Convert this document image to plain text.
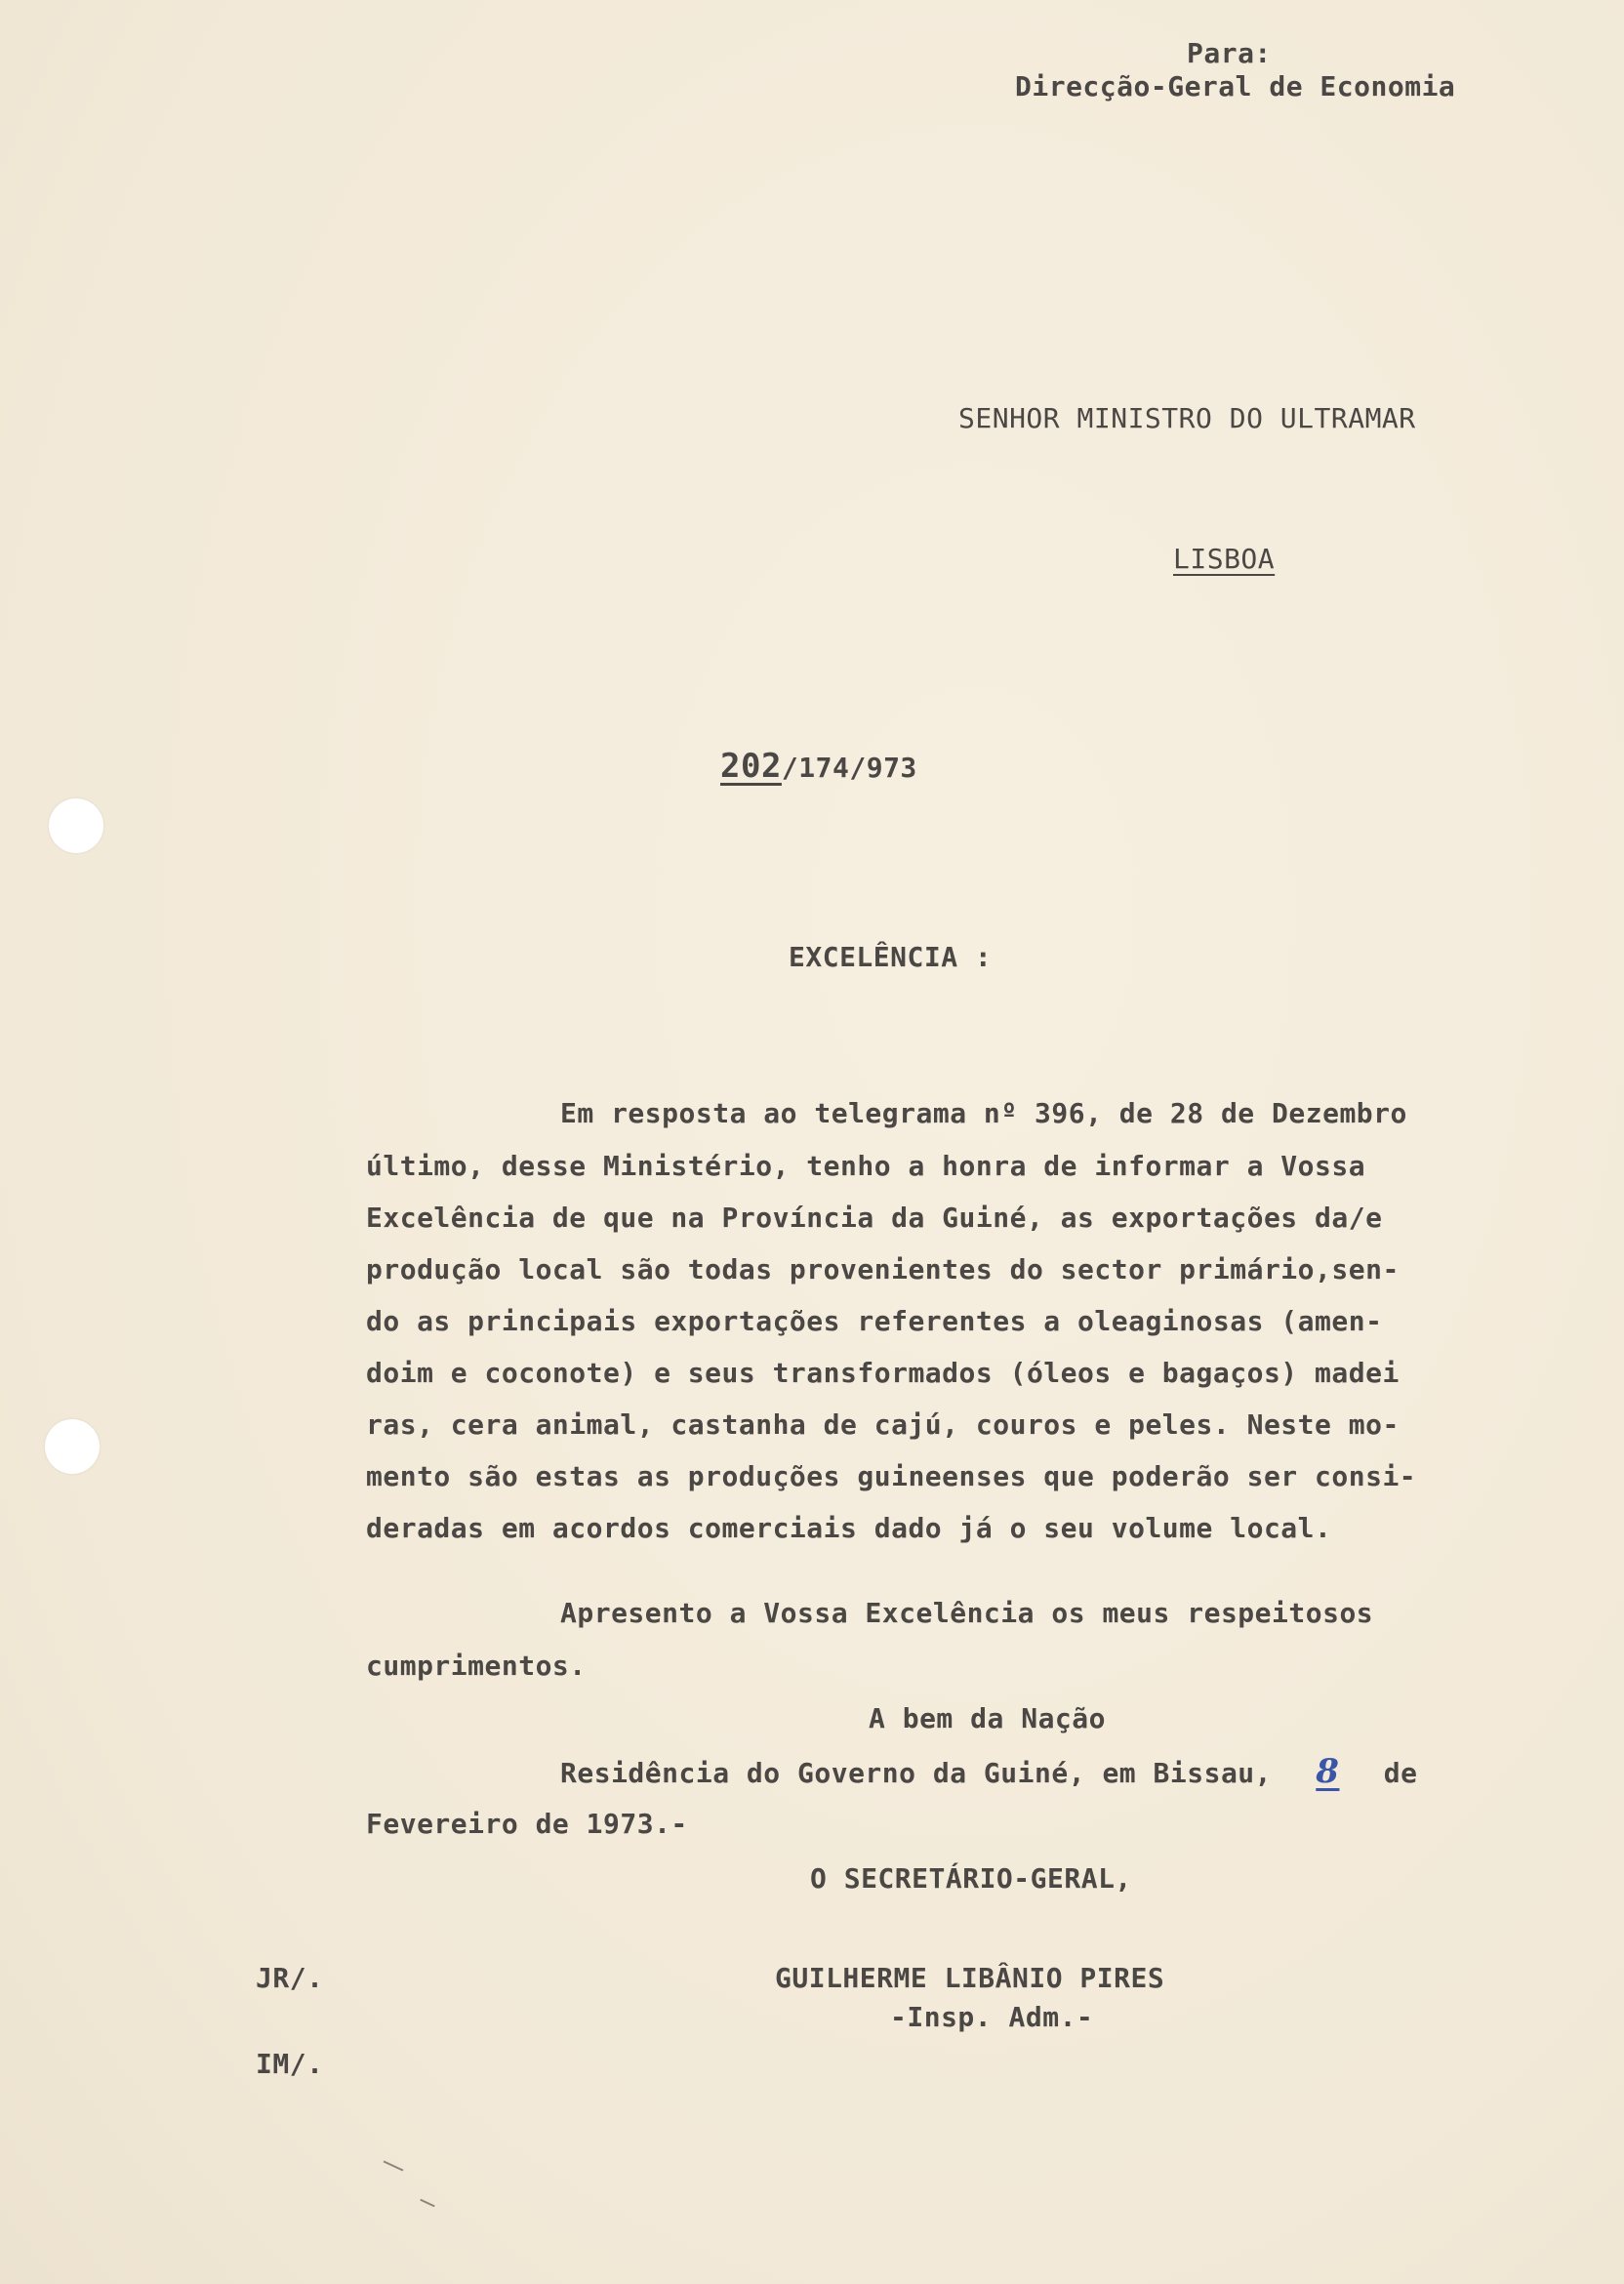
Para:
Direcção-Geral de Economia
SENHOR MINISTRO DO ULTRAMAR
LISBOA
202/174/973
EXCELÊNCIA :
Em resposta ao telegrama nº 396, de 28 de Dezembro
último, desse Ministério, tenho a honra de informar a Vossa
Excelência de que na Província da Guiné, as exportações da/e
produção local são todas provenientes do sector primário,sen-
do as principais exportações referentes a oleaginosas (amen-
doim e coconote) e seus transformados (óleos e bagaços) madei
ras, cera animal, castanha de cajú, couros e peles. Neste mo-
mento são estas as produções guineenses que poderão ser consi-
deradas em acordos comerciais dado já o seu volume local.
Apresento a Vossa Excelência os meus respeitosos
cumprimentos.
A bem da Nação
Residência do Governo da Guiné, em Bissau, 8 de
Fevereiro de 1973.-
O SECRETÁRIO-GERAL,
JR/.	GUILHERME LIBÂNIO PIRES
-Insp. Adm.-
IM/.
